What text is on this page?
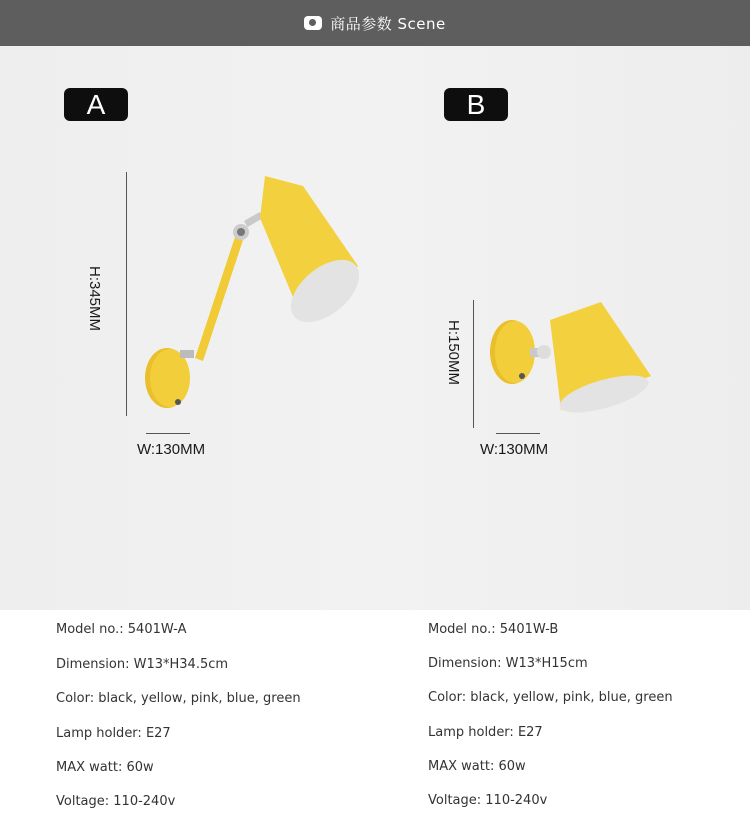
商品参数 Scene
A
H:345MM
W:130MM
B
H:150MM
W:130MM
Model no.: 5401W-A
Dimension: W13*H34.5cm
Color: black, yellow, pink, blue, green
Lamp holder: E27
MAX watt: 60w
Voltage: 110-240v
Model no.: 5401W-B
Dimension: W13*H15cm
Color: black, yellow, pink, blue, green
Lamp holder: E27
MAX watt: 60w
Voltage: 110-240v
